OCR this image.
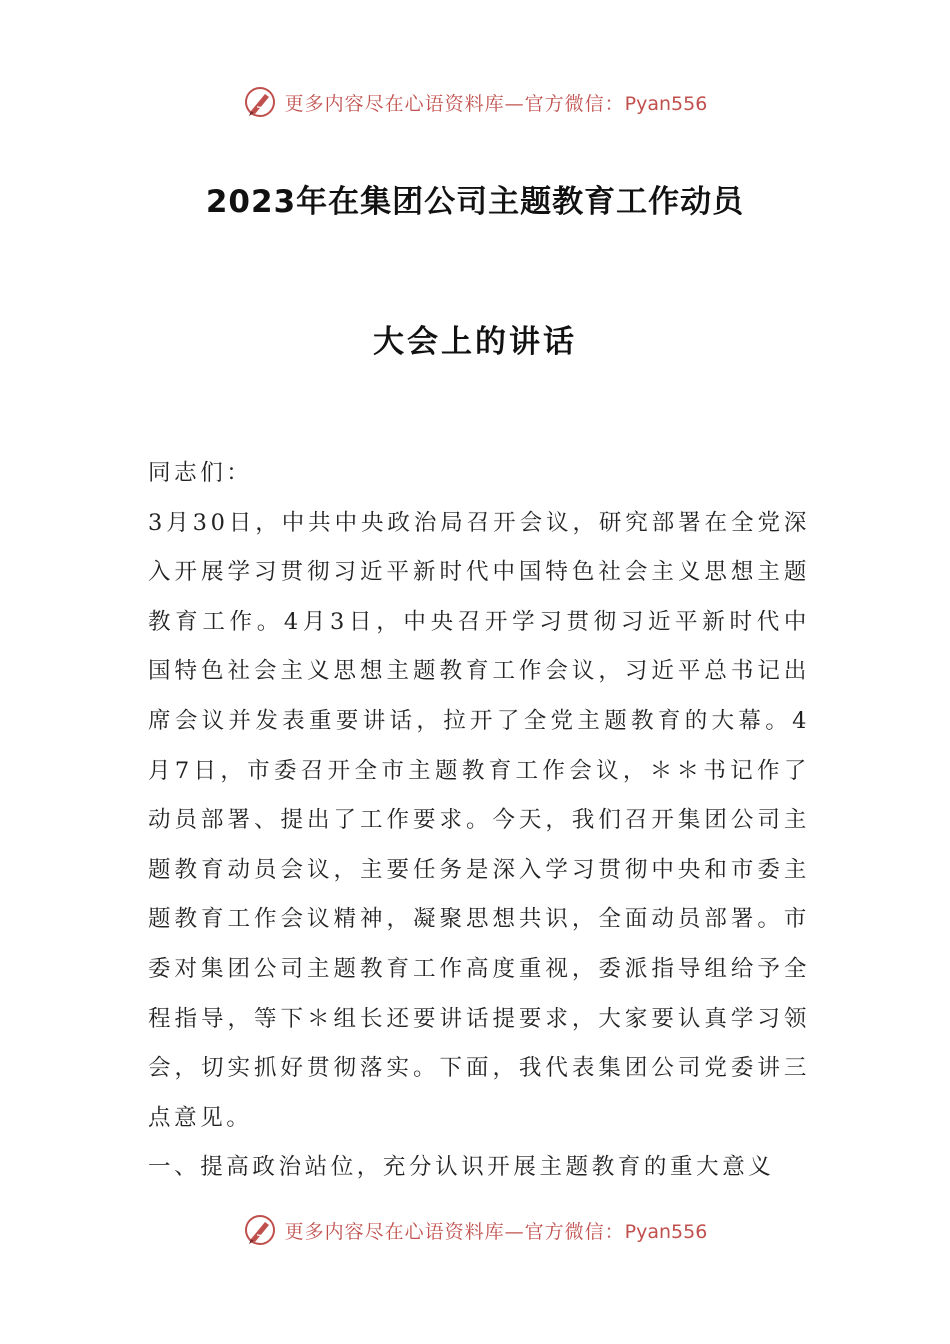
更多内容尽在心语资料库—官方微信：Pyan556
2023年在集团公司主题教育工作动员
大会上的讲话

同志们：

3月30日，中共中央政治局召开会议，研究部署在全党深入开展学习贯彻习近平新时代中国特色社会主义思想主题教育工作。4月3日，中央召开学习贯彻习近平新时代中国特色社会主义思想主题教育工作会议，习近平总书记出席会议并发表重要讲话，拉开了全党主题教育的大幕。4月7日，市委召开全市主题教育工作会议，＊＊书记作了动员部署、提出了工作要求。今天，我们召开集团公司主题教育动员会议，主要任务是深入学习贯彻中央和市委主题教育工作会议精神，凝聚思想共识，全面动员部署。市委对集团公司主题教育工作高度重视，委派指导组给予全程指导，等下＊组长还要讲话提要求，大家要认真学习领会，切实抓好贯彻落实。下面，我代表集团公司党委讲三点意见。

一、提高政治站位，充分认识开展主题教育的重大意义

更多内容尽在心语资料库—官方微信：Pyan556
